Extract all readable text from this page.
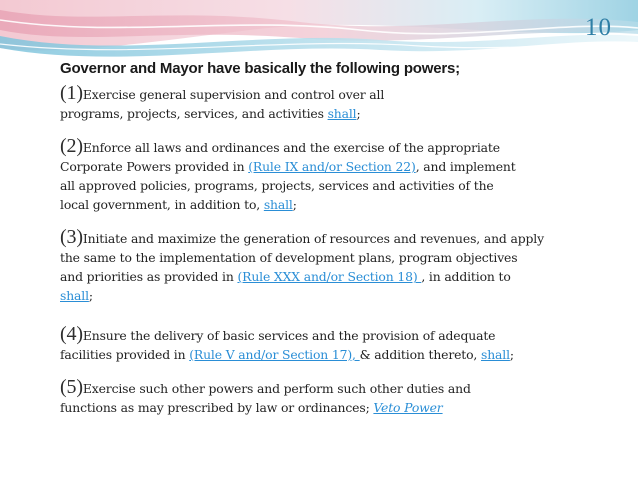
10
Governor and Mayor have basically the following powers;
(1)Exercise general supervision and control over all
programs, projects, services, and activities shall;
(2)Enforce all laws and ordinances and the exercise of the appropriate
Corporate Powers provided in (Rule IX and/or Section 22), and implement
all approved policies, programs, projects, services and activities of the
local government, in addition to, shall;
(3)Initiate and maximize the generation of resources and revenues, and apply
the same to the implementation of development plans, program objectives
and priorities as provided in (Rule XXX and/or Section 18) , in addition to
shall;
(4)Ensure the delivery of basic services and the provision of adequate
facilities provided in (Rule V and/or Section 17), & addition thereto, shall;
(5)Exercise such other powers and perform such other duties and
functions as may prescribed by law or ordinances; Veto Power
